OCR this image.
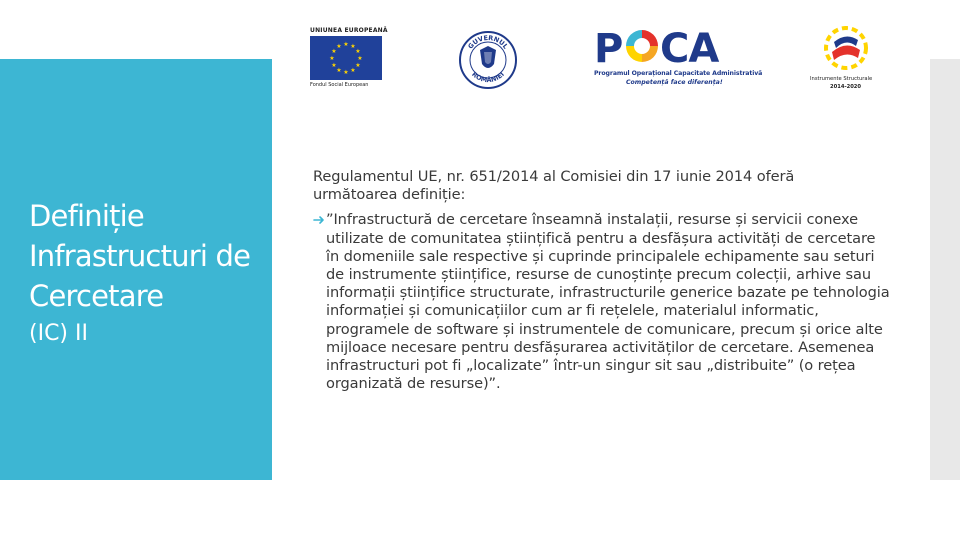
Definiție Infrastructuri de Cercetare

(IC) II

UNIUNEA EUROPEANĂ
★ ★
★
★
★
★
★
★
★
★
★
★
Fondul Social European
GUVERNUL
ROMÂNIEI
P CA
Programul Operațional Capacitate Administrativă
Competență face diferența!	Instrumente Structurale
2014-2020

Regulamentul UE, nr. 651/2014 al Comisiei din 17 iunie 2014 oferă următoarea definiție:

”Infrastructură de cercetare înseamnă instalații, resurse și servicii conexe utilizate de comunitatea științifică pentru a desfășura activități de cercetare în domeniile sale respective și cuprinde principalele echipamente sau seturi de instrumente științifice, resurse de cunoștințe precum colecții, arhive sau informații științifice structurate, infrastructurile generice bazate pe tehnologia informației și comunicațiilor cum ar fi rețelele, materialul informatic, programele de software și instrumentele de comunicare, precum și orice alte mijloace necesare pentru desfășurarea activităților de cercetare. Asemenea infrastructuri pot fi „localizate” într-un singur sit sau „distribuite” (o rețea organizată de resurse)”.
